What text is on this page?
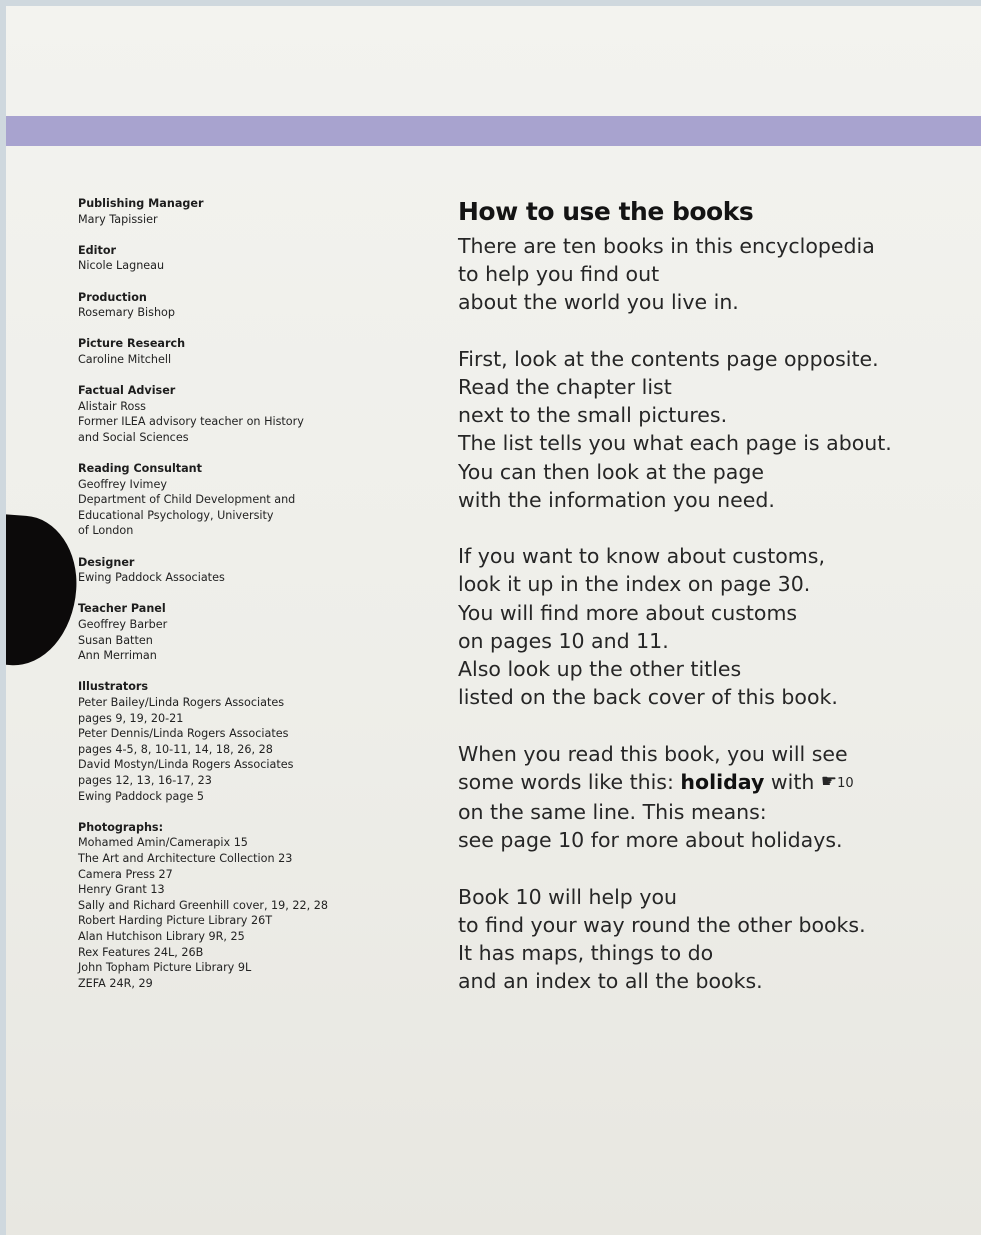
Publishing Manager
Mary Tapissier
Editor
Nicole Lagneau
Production
Rosemary Bishop
Picture Research
Caroline Mitchell
Factual Adviser
Alistair Ross
Former ILEA advisory teacher on History
and Social Sciences
Reading Consultant
Geoffrey Ivimey
Department of Child Development and
Educational Psychology, University
of London
Designer
Ewing Paddock Associates
Teacher Panel
Geoffrey Barber
Susan Batten
Ann Merriman
Illustrators
Peter Bailey/Linda Rogers Associates
pages 9, 19, 20-21
Peter Dennis/Linda Rogers Associates
pages 4-5, 8, 10-11, 14, 18, 26, 28
David Mostyn/Linda Rogers Associates
pages 12, 13, 16-17, 23
Ewing Paddock page 5
Photographs:
Mohamed Amin/Camerapix 15
The Art and Architecture Collection 23
Camera Press 27
Henry Grant 13
Sally and Richard Greenhill cover, 19, 22, 28
Robert Harding Picture Library 26T
Alan Hutchison Library 9R, 25
Rex Features 24L, 26B
John Topham Picture Library 9L
ZEFA 24R, 29
How to use the books
There are ten books in this encyclopedia
to help you find out
about the world you live in.
First, look at the contents page opposite.
Read the chapter list
next to the small pictures.
The list tells you what each page is about.
You can then look at the page
with the information you need.
If you want to know about customs,
look it up in the index on page 30.
You will find more about customs
on pages 10 and 11.
Also look up the other titles
listed on the back cover of this book.
When you read this book, you will see
some words like this: holiday with ☛10
on the same line. This means:
see page 10 for more about holidays.
Book 10 will help you
to find your way round the other books.
It has maps, things to do
and an index to all the books.
